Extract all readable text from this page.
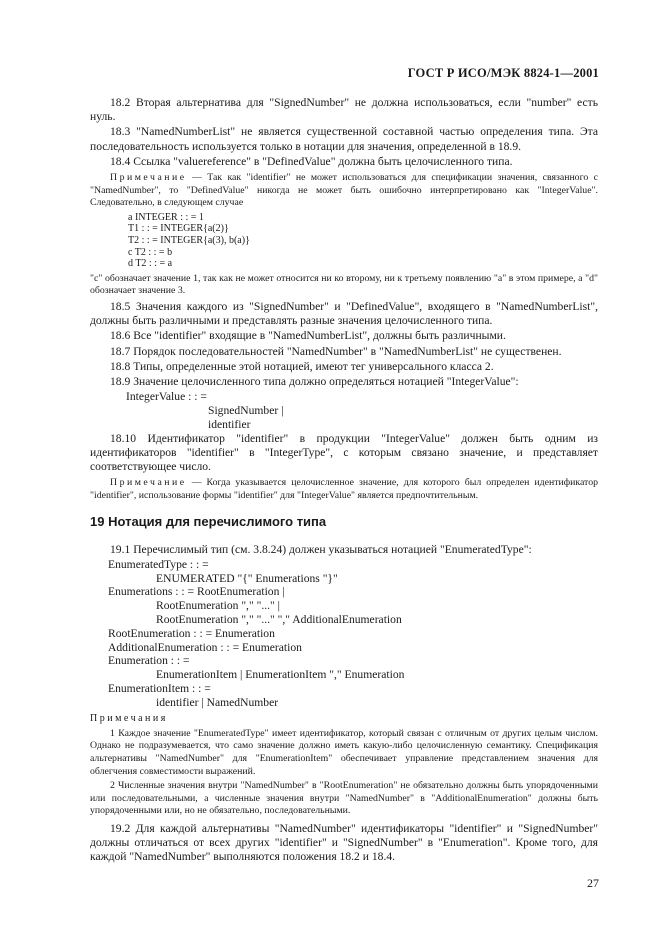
ГОСТ Р ИСО/МЭК 8824-1—2001

18.2 Вторая альтернатива для "SignedNumber" не должна использоваться, если "number" есть нуль.

18.3 "NamedNumberList" не является существенной составной частью определения типа. Эта последовательность используется только в нотации для значения, определенной в 18.9.

18.4 Ссылка "valuereference" в "DefinedValue" должна быть целочисленного типа.

Примечание — Так как "identifier" не может использоваться для спецификации значения, связанного с "NamedNumber", то "DefinedValue" никогда не может быть ошибочно интерпретировано как "IntegerValue". Следовательно, в следующем случае

a INTEGER : : = 1

T1 : : = INTEGER{a(2)}

T2 : : = INTEGER{a(3), b(a)}

c T2 : : = b

d T2 : : = a

"c" обозначает значение 1, так как не может относится ни ко второму, ни к третьему появлению "а" в этом примере, а "d" обозначает значение 3.

18.5 Значения каждого из "SignedNumber" и "DefinedValue", входящего в "NamedNumberList", должны быть различными и представлять разные значения целочисленного типа.

18.6 Все "identifier" входящие в "NamedNumberList", должны быть различными.

18.7 Порядок последовательностей "NamedNumber" в "NamedNumberList" не существенен.

18.8 Типы, определенные этой нотацией, имеют тег универсального класса 2.

18.9 Значение целочисленного типа должно определяться нотацией "IntegerValue":

IntegerValue : : =

SignedNumber |

identifier

18.10 Идентификатор "identifier" в продукции "IntegerValue" должен быть одним из идентификаторов "identifier" в "IntegerType", с которым связано значение, и представляет соответствующее число.

Примечание — Когда указывается целочисленное значение, для которого был определен идентификатор "identifier", использование формы "identifier" для "IntegerValue" является предпочтительным.

19 Нотация для перечислимого типа

19.1 Перечислимый тип (см. 3.8.24) должен указываться нотацией "EnumeratedType":

EnumeratedType : : =

ENUMERATED "{" Enumerations "}"

Enumerations : : = RootEnumeration |

RootEnumeration "," "..." |

RootEnumeration "," "..." "," AdditionalEnumeration

RootEnumeration : : = Enumeration

AdditionalEnumeration : : = Enumeration

Enumeration : : =

EnumerationItem | EnumerationItem "," Enumeration

EnumerationItem : : =

identifier | NamedNumber

Примечания

1 Каждое значение "EnumeratedType" имеет идентификатор, который связан с отличным от других целым числом. Однако не подразумевается, что само значение должно иметь какую-либо целочисленную семантику. Спецификация альтернативы "NamedNumber" для "EnumerationItem" обеспечивает управление представлением значения для облегчения совместимости выражений.

2 Численные значения внутри "NamedNumber" в "RootEnumeration" не обязательно должны быть упорядоченными или последовательными, а численные значения внутри "NamedNumber" в "AdditionalEnumeration" должны быть упорядоченными или, но не обязательно, последовательными.

19.2 Для каждой альтернативы "NamedNumber" идентификаторы "identifier" и "SignedNumber" должны отличаться от всех других "identifier" и "SignedNumber" в "Enumeration". Кроме того, для каждой "NamedNumber" выполняются положения 18.2 и 18.4.

27
